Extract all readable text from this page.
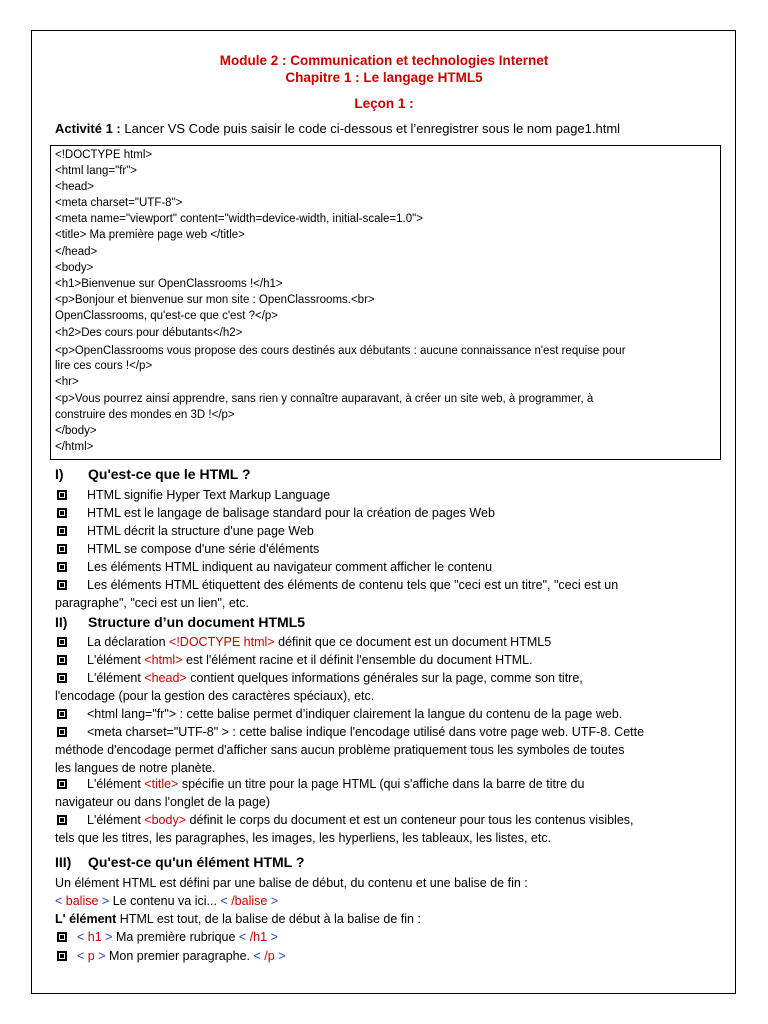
Module 2 : Communication et technologies Internet
Chapitre 1 : Le langage HTML5
Leçon 1 :
Activité 1 : Lancer VS Code puis saisir le code ci-dessous et l’enregistrer sous le nom page1.html
<!DOCTYPE html>
<html lang="fr">
<head>
<meta charset="UTF-8">
<meta name="viewport" content="width=device-width, initial-scale=1.0">
<title> Ma première page web </title>
</head>
<body>
<h1>Bienvenue sur OpenClassrooms !</h1>
<p>Bonjour et bienvenue sur mon site : OpenClassrooms.<br>
OpenClassrooms, qu'est-ce que c'est ?</p>
<h2>Des cours pour débutants</h2>
<p>OpenClassrooms vous propose des cours destinés aux débutants : aucune connaissance n'est requise pour
lire ces cours !</p>
<hr>
<p>Vous pourrez ainsi apprendre, sans rien y connaître auparavant, à créer un site web, à programmer, à
construire des mondes en 3D !</p>
</body>
</html>
I) Qu'est-ce que le HTML ?
HTML signifie Hyper Text Markup Language
HTML est le langage de balisage standard pour la création de pages Web
HTML décrit la structure d'une page Web
HTML se compose d'une série d'éléments
Les éléments HTML indiquent au navigateur comment afficher le contenu
Les éléments HTML étiquettent des éléments de contenu tels que "ceci est un titre", "ceci est un
paragraphe", "ceci est un lien", etc.
II) Structure d’un document HTML5
La déclaration <!DOCTYPE html> définit que ce document est un document HTML5
L'élément <html> est l'élément racine et il définit l'ensemble du document HTML.
L'élément <head> contient quelques informations générales sur la page, comme son titre,
l'encodage (pour la gestion des caractères spéciaux), etc.
<html lang="fr"> : cette balise permet d’indiquer clairement la langue du contenu de la page web.
<meta charset="UTF-8" > : cette balise indique l'encodage utilisé dans votre page web. UTF-8. Cette
méthode d'encodage permet d'afficher sans aucun problème pratiquement tous les symboles de toutes
les langues de notre planète.
L'élément <title> spécifie un titre pour la page HTML (qui s'affiche dans la barre de titre du
navigateur ou dans l'onglet de la page)
L'élément <body> définit le corps du document et est un conteneur pour tous les contenus visibles,
tels que les titres, les paragraphes, les images, les hyperliens, les tableaux, les listes, etc.
III) Qu'est-ce qu'un élément HTML ?
Un élément HTML est défini par une balise de début, du contenu et une balise de fin :
< balise > Le contenu va ici... < /balise >
L' élément HTML est tout, de la balise de début à la balise de fin :
< h1 > Ma première rubrique < /h1 >
< p > Mon premier paragraphe. < /p >
